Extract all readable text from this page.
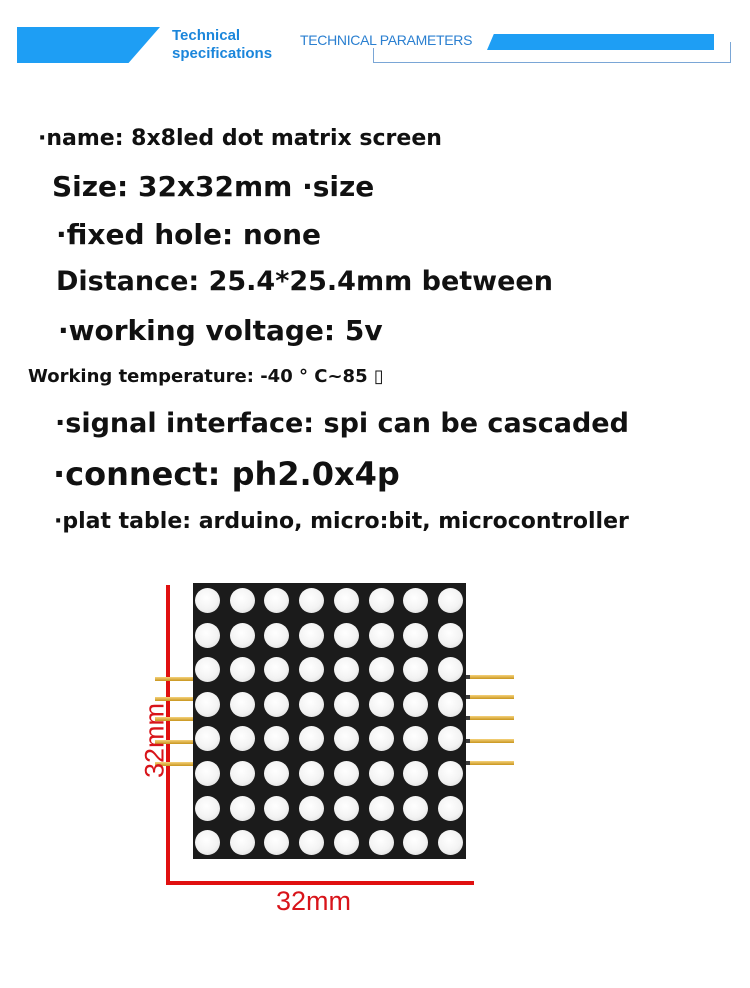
Technical specifications
TECHNICAL PARAMETERS
·name: 8x8led dot matrix screen
Size: 32x32mm ·size
·fixed hole: none
Distance: 25.4*25.4mm between
·working voltage: 5v
Working temperature: -40 ° C~85 ▯
·signal interface: spi can be cascaded
·connect: ph2.0x4p
·plat table: arduino, micro:bit, microcontroller
32mm
32mm
